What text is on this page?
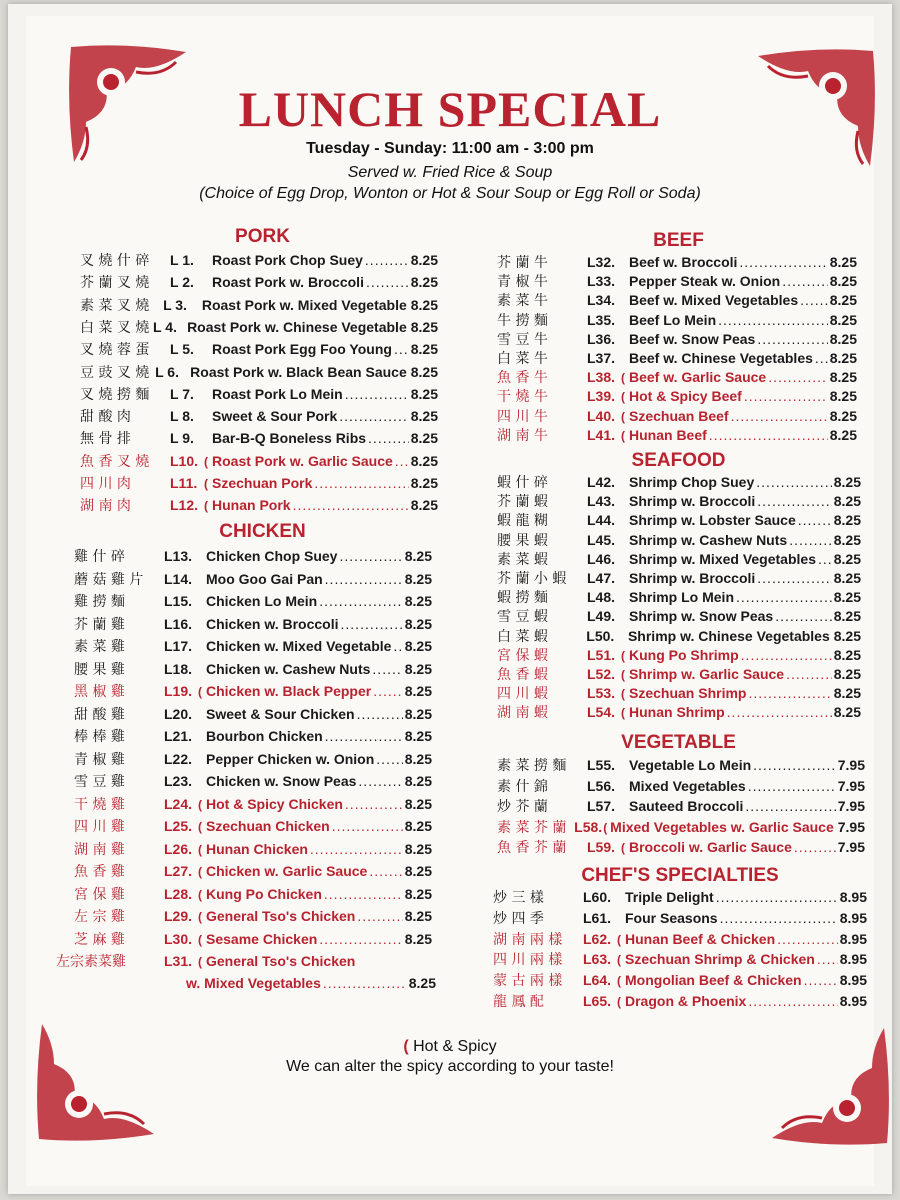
LUNCH SPECIAL
Tuesday - Sunday: 11:00 am - 3:00 pm
Served w. Fried Rice & Soup
(Choice of Egg Drop, Wonton or Hot & Sour Soup or Egg Roll or Soda)
PORK
CHICKEN
BEEF
SEAFOOD
VEGETABLE
CHEF'S SPECIALTIES
叉 燒 什 碎	L 1.	Roast Pork Chop Suey .....	8.25
芥 蘭 叉 燒	L 2.	Roast Pork w. Broccoli .....	8.25
素 菜 叉 燒 L 3.	Roast Pork w. Mixed Vegetable 8.25
白 菜 叉 燒 L 4. Roast Pork w. Chinese Vegetable 8.25
叉 燒 蓉 蛋	L 5.	Roast Pork Egg Foo Young ..... 8.25
豆 豉 叉 燒 L 6. Roast Pork w. Black Bean Sauce 8.25
叉 燒 撈 麵	L 7.	Roast Pork Lo Mein .....	8.25
甜 酸 肉	L 8.	Sweet & Sour Pork .....	8.25
無 骨 排	L 9.	Bar-B-Q Boneless Ribs .....	8.25
魚 香 叉 燒	L10. ( Roast Pork w. Garlic Sauce ..... 8.25
四 川 肉	L11. ( Szechuan Pork .....	8.25
湖 南 肉	L12. ( Hunan Pork .....	8.25
雞 什 碎	L13. Chicken Chop Suey .....	8.25
蘑 菇 雞 片	L14. Moo Goo Gai Pan .....	8.25
雞 撈 麵	L15. Chicken Lo Mein .....	8.25
芥 蘭 雞	L16. Chicken w. Broccoli .....	8.25
素 菜 雞	L17. Chicken w. Mixed Vegetable ..... 8.25
腰 果 雞	L18. Chicken w. Cashew Nuts ..... 8.25
黑 椒 雞	L19. ( Chicken w. Black Pepper ..... 8.25
甜 酸 雞	L20. Sweet & Sour Chicken .....	8.25
棒 棒 雞	L21. Bourbon Chicken .....	8.25
青 椒 雞	L22. Pepper Chicken w. Onion ..... 8.25
雪 豆 雞	L23. Chicken w. Snow Peas .....	8.25
干 燒 雞	L24. ( Hot & Spicy Chicken .....	8.25
四 川 雞	L25. ( Szechuan Chicken .....	8.25
湖 南 雞	L26. ( Hunan Chicken .....	8.25
魚 香 雞	L27. ( Chicken w. Garlic Sauce .....	8.25
宮 保 雞	L28. ( Kung Po Chicken .....	8.25
左 宗 雞	L29. ( General Tso's Chicken .....	8.25
芝 麻 雞	L30. ( Sesame Chicken .....	8.25
左宗素菜雞	L31. ( General Tso's Chicken
w. Mixed Vegetables .....	8.25
芥 蘭 牛	L32. Beef w. Broccoli .....	8.25
青 椒 牛	L33. Pepper Steak w. Onion .....	8.25
素 菜 牛	L34. Beef w. Mixed Vegetables ..... 8.25
牛 撈 麵	L35. Beef Lo Mein .....	8.25
雪 豆 牛	L36. Beef w. Snow Peas .....	8.25
白 菜 牛	L37. Beef w. Chinese Vegetables ..... 8.25
魚 香 牛	L38. ( Beef w. Garlic Sauce .....	8.25
干 燒 牛	L39. ( Hot & Spicy Beef .....	8.25
四 川 牛	L40. ( Szechuan Beef .....	8.25
湖 南 牛	L41. ( Hunan Beef .....	8.25
蝦 什 碎	L42. Shrimp Chop Suey .....	8.25
芥 蘭 蝦	L43. Shrimp w. Broccoli .....	8.25
蝦 龍 糊	L44. Shrimp w. Lobster Sauce .....	8.25
腰 果 蝦	L45. Shrimp w. Cashew Nuts .....	8.25
素 菜 蝦	L46. Shrimp w. Mixed Vegetables ..... 8.25
芥 蘭 小 蝦	L47. Shrimp w. Broccoli .....	8.25
蝦 撈 麵	L48. Shrimp Lo Mein .....	8.25
雪 豆 蝦	L49. Shrimp w. Snow Peas .....	8.25
白 菜 蝦	L50. Shrimp w. Chinese Vegetables 8.25
宮 保 蝦	L51. ( Kung Po Shrimp .....	8.25
魚 香 蝦	L52. ( Shrimp w. Garlic Sauce .....	8.25
四 川 蝦	L53. ( Szechuan Shrimp .....	8.25
湖 南 蝦	L54. ( Hunan Shrimp .....	8.25
素 菜 撈 麵	L55. Vegetable Lo Mein .....	7.95
素 什 錦	L56. Mixed Vegetables .....	7.95
炒 芥 蘭	L57. Sauteed Broccoli .....	7.95
素 菜 芥 蘭 L58. ( Mixed Vegetables w. Garlic Sauce 7.95
魚 香 芥 蘭	L59. ( Broccoli w. Garlic Sauce .....	7.95
炒 三 樣	L60. Triple Delight .....	8.95
炒 四 季	L61. Four Seasons .....	8.95
湖 南 兩 樣	L62. ( Hunan Beef & Chicken .....	8.95
四 川 兩 樣	L63. ( Szechuan Shrimp & Chicken ..... 8.95
蒙 古 兩 樣	L64. ( Mongolian Beef & Chicken .....	8.95
龍 鳳 配	L65. ( Dragon & Phoenix .....	8.95
( Hot & Spicy
We can alter the spicy according to your taste!
